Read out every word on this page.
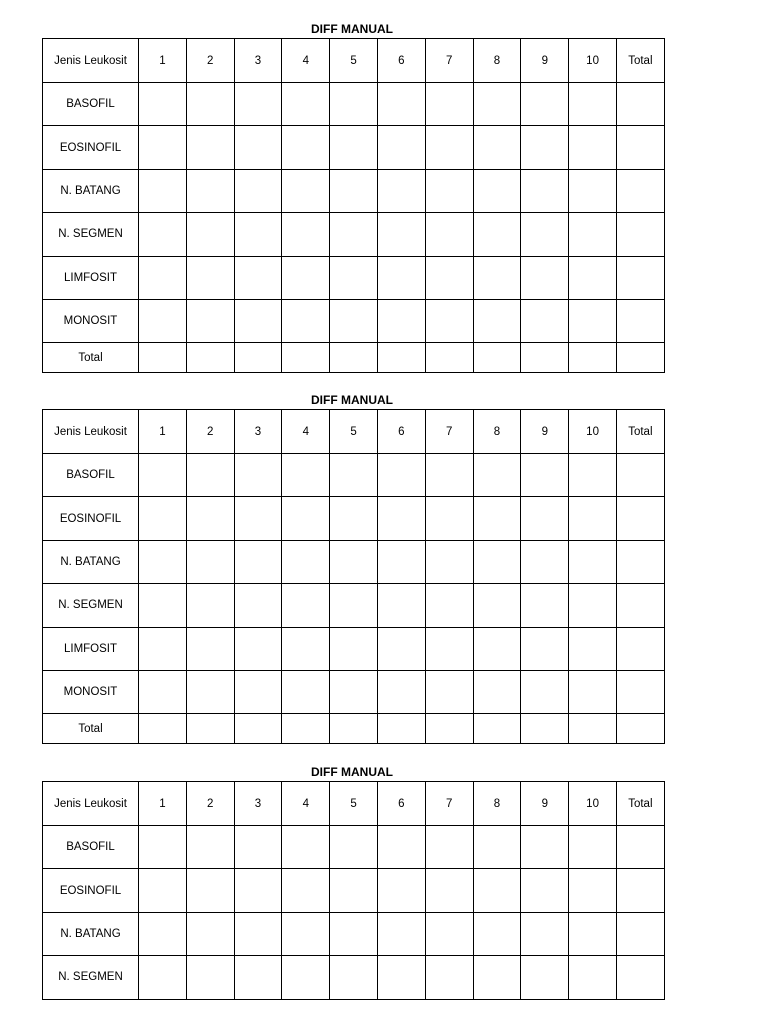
DIFF MANUAL
Jenis Leukosit	1	2	3	4	5	6	7	8	9	10	Total
BASOFIL											
EOSINOFIL											
N. BATANG											
N. SEGMEN											
LIMFOSIT											
MONOSIT											
Total											
DIFF MANUAL
Jenis Leukosit	1	2	3	4	5	6	7	8	9	10	Total
BASOFIL											
EOSINOFIL											
N. BATANG											
N. SEGMEN											
LIMFOSIT											
MONOSIT											
Total											
DIFF MANUAL
Jenis Leukosit	1	2	3	4	5	6	7	8	9	10	Total
BASOFIL											
EOSINOFIL											
N. BATANG											
N. SEGMEN											
